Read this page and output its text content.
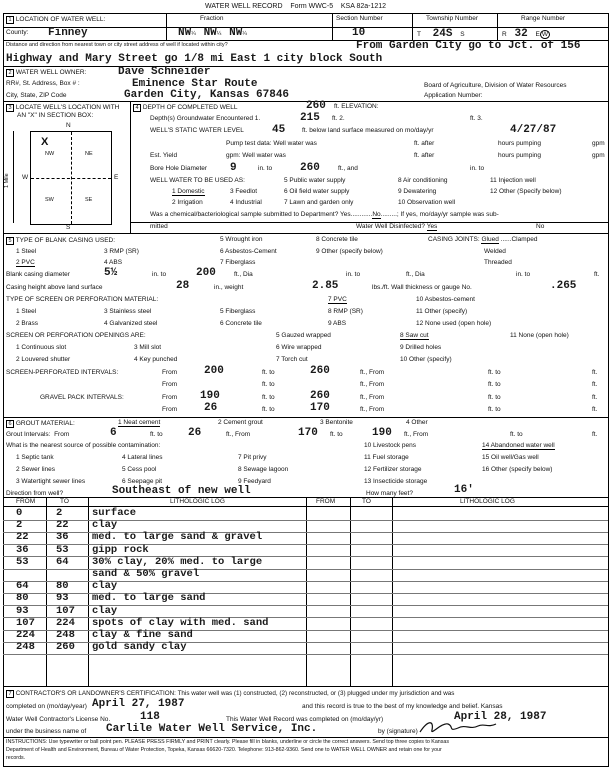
WATER WELL RECORD Form WWC-5 KSA 82a-1212
1 LOCATION OF WATER WELL:
County: Finney
Fraction
NW¼ NW¼ NW¼
Section Number
10
Township Number
T 24S S
Range Number
R 32 E W
Distance and direction from nearest town or city street address of well if located within city?	From Garden City go to Jct. of 156
Highway and Mary Street go 1/8 mi East 1 city block South
2 WATER WELL OWNER:	Dave Schneider
RR#, St. Address, Box # :	Eminence Star Route
City, State, ZIP Code	Garden City, Kansas 67846
Board of Agriculture, Division of Water Resources
Application Number:
3 LOCATE WELL'S LOCATION WITH
AN "X" IN SECTION BOX:
N
S
W	E
1 Mile
NW	NE
SW	SE
X
4 DEPTH OF COMPLETED WELL	260 ft. ELEVATION:
Depth(s) Groundwater Encountered 1.	215 ft. 2.	ft. 3.
WELL'S STATIC WATER LEVEL	45	ft. below land surface measured on mo/day/yr	4/27/87
Pump test data: Well water was	ft. after	hours pumping	gpm
Est. Yield	gpm: Well water was	ft. after	hours pumping	gpm
Bore Hole Diameter 9	in. to	260	ft., and	in. to
WELL WATER TO BE USED AS:	5 Public water supply	8 Air conditioning	11 Injection well
1 Domestic	3 Feedlot	6 Oil field water supply	9 Dewatering	12 Other (Specify below)
2 Irrigation	4 Industrial	7 Lawn and garden only	10 Observation well
Was a chemical/bacteriological sample submitted to Department? Yes............No.........; If yes, mo/day/yr sample was sub-
mitted	Water Well Disinfected? Yes	No
5 TYPE OF BLANK CASING USED:	5 Wrought iron	8 Concrete tile	CASING JOINTS: Glued ......Clamped
1 Steel	3 RMP (SR)	6 Asbestos-Cement	9 Other (specify below)	Welded
2 PVC	4 ABS	7 Fiberglass	Threaded
Blank casing diameter	5½	in. to	200	ft., Dia	in. to	ft., Dia	in. to	ft.
Casing height above land surface	28	in., weight	2.85	lbs./ft. Wall thickness or gauge No.	.265
TYPE OF SCREEN OR PERFORATION MATERIAL:	7 PVC	10 Asbestos-cement
1 Steel	3 Stainless steel	5 Fiberglass	8 RMP (SR)	11 Other (specify)
2 Brass	4 Galvanized steel	6 Concrete tile	9 ABS	12 None used (open hole)
SCREEN OR PERFORATION OPENINGS ARE:	5 Gauzed wrapped	8 Saw cut	11 None (open hole)
1 Continuous slot	3 Mill slot	6 Wire wrapped	9 Drilled holes
2 Louvered shutter	4 Key punched	7 Torch cut	10 Other (specify)
SCREEN-PERFORATED INTERVALS:	From 200	ft. to	260	ft., From	ft. to	ft.
From	ft. to	ft., From	ft. to	ft.
GRAVEL PACK INTERVALS:	From 190	ft. to	260	ft., From	ft. to	ft.
From 26	ft. to	170	ft., From	ft. to	ft.
6 GROUT MATERIAL:	1 Neat cement	2 Cement grout	3 Bentonite	4 Other
Grout Intervals: From	6	ft. to 26	ft., From	170 ft. to	190 ft., From	ft. to	ft.
What is the nearest source of possible contamination:	10 Livestock pens	14 Abandoned water well
1 Septic tank	4 Lateral lines	7 Pit privy	11 Fuel storage	15 Oil well/Gas well
2 Sewer lines	5 Cess pool	8 Sewage lagoon	12 Fertilizer storage	16 Other (specify below)
3 Watertight sewer lines	6 Seepage pit	9 Feedyard	13 Insecticide storage
Direction from well?	Southeast of new well	How many feet?	16'
FROM	TO	LITHOLOGIC LOG	FROM	TO	LITHOLOGIC LOG
0	2	surface
2	22 clay
22	36 med. to large sand & gravel
36	53 gipp rock
53	64 30% clay, 20% med. to large
sand & 50% gravel
64	80 clay
80	93 med. to large sand
93	107 clay
107 224 spots of clay with med. sand
224 248 clay & fine sand
248 260 gold sandy clay
7 CONTRACTOR'S OR LANDOWNER'S CERTIFICATION: This water well was (1) constructed, (2) reconstructed, or (3) plugged under my jurisdiction and was
completed on (mo/day/year) April 27, 1987	and this record is true to the best of my knowledge and belief. Kansas
Water Well Contractor's License No.	118	This Water Well Record was completed on (mo/day/yr)	April 28, 1987
under the business name of Carlile Water Well Service, Inc.	by (signature)
INSTRUCTIONS: Use typewriter or ball point pen. PLEASE PRESS FIRMLY and PRINT clearly. Please fill in blanks, underline or circle the correct answers. Send top three copies to Kansas
Department of Health and Environment, Bureau of Water Protection, Topeka, Kansas 66620-7320. Telephone: 913-862-9360. Send one to WATER WELL OWNER and retain one for your
records.
